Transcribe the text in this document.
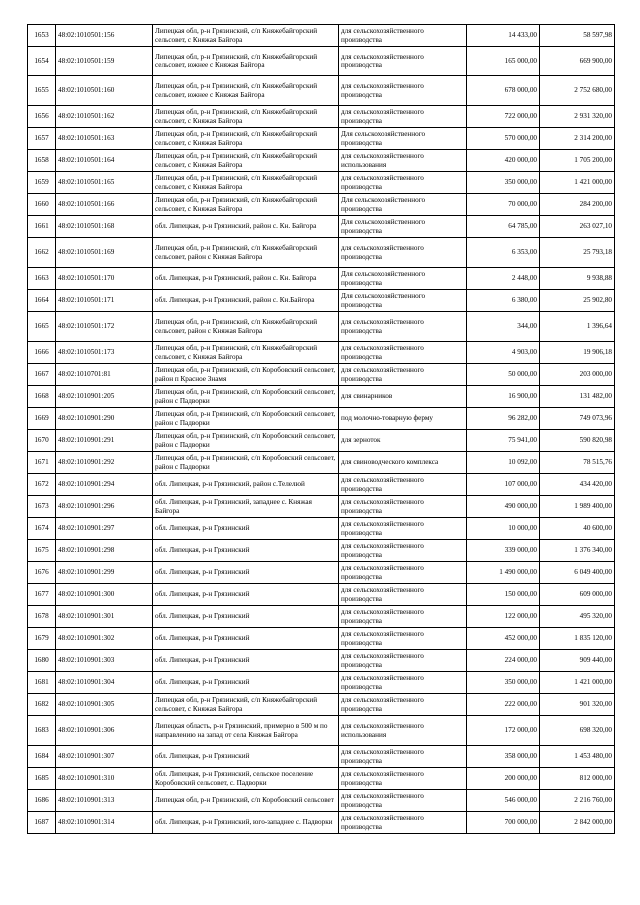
1653	48:02:1010501:156	Липецкая обл, р-н Грязинский, с/п Княжебайгорский сельсовет, с Княжая Байгора	для сельскохозяйственного производства	14 433,00	58 597,98
1654	48:02:1010501:159	Липецкая обл, р-н Грязинский, с/п Княжебайгорский сельсовет, южнее с Княжая Байгора	для сельскохозяйственного производства	165 000,00	669 900,00
1655	48:02:1010501:160	Липецкая обл, р-н Грязинский, с/п Княжебайгорский сельсовет, южнее с Княжая Байгора	для сельскохозяйственного производства	678 000,00	2 752 680,00
1656	48:02:1010501:162	Липецкая обл, р-н Грязинский, с/п Княжебайгорский сельсовет, с Княжая Байгора	для сельскохозяйственного производства	722 000,00	2 931 320,00
1657	48:02:1010501:163	Липецкая обл, р-н Грязинский, с/п Княжебайгорский сельсовет, с Княжая Байгора	Для сельскохозяйственного производства	570 000,00	2 314 200,00
1658	48:02:1010501:164	Липецкая обл, р-н Грязинский, с/п Княжебайгорский сельсовет, с Княжая Байгора	для сельскохозяйственного использования	420 000,00	1 705 200,00
1659	48:02:1010501:165	Липецкая обл, р-н Грязинский, с/п Княжебайгорский сельсовет, с Княжая Байгора	для сельскохозяйственного производства	350 000,00	1 421 000,00
1660	48:02:1010501:166	Липецкая обл, р-н Грязинский, с/п Княжебайгорский сельсовет, с Княжая Байгора	Для сельскохозяйственного производства	70 000,00	284 200,00
1661	48:02:1010501:168	обл. Липецкая, р-н Грязинский, район с. Кн. Байгора	Для сельскохозяйственного производства	64 785,00	263 027,10
1662	48:02:1010501:169	Липецкая обл, р-н Грязинский, с/п Княжебайгорский сельсовет, район с Княжая Байгора	для сельскохозяйственного производства	6 353,00	25 793,18
1663	48:02:1010501:170	обл. Липецкая, р-н Грязинский, район с. Кн. Байгора	Для сельскохозяйственного производства	2 448,00	9 938,88
1664	48:02:1010501:171	обл. Липецкая, р-н Грязинский, район с. Кн.Байгора	Для сельскохозяйственного производства	6 380,00	25 902,80
1665	48:02:1010501:172	Липецкая обл, р-н Грязинский, с/п Княжебайгорский сельсовет, район с Княжая Байгора	для сельскохозяйственного производства	344,00	1 396,64
1666	48:02:1010501:173	Липецкая обл, р-н Грязинский, с/п Княжебайгорский сельсовет, с Княжая Байгора	для сельскохозяйственного производства	4 903,00	19 906,18
1667	48:02:1010701:81	Липецкая обл, р-н Грязинский, с/п Коробовский сельсовет, район п Красное Знамя	для сельскохозяйственного производства	50 000,00	203 000,00
1668	48:02:1010901:205	Липецкая обл, р-н Грязинский, с/п Коробовский сельсовет, район с Падворки	для свинарников	16 900,00	131 482,00
1669	48:02:1010901:290	Липецкая обл, р-н Грязинский, с/п Коробовский сельсовет, район с Падворки	под молочно-товарную ферму	96 282,00	749 073,96
1670	48:02:1010901:291	Липецкая обл, р-н Грязинский, с/п Коробовский сельсовет, район с Падворки	для зерноток	75 941,00	590 820,98
1671	48:02:1010901:292	Липецкая обл, р-н Грязинский, с/п Коробовский сельсовет, район с Падворки	для свиноводческого комплекса	10 092,00	78 515,76
1672	48:02:1010901:294	обл. Липецкая, р-н Грязинский, район с.Телелюй	для сельскохозяйственного производства	107 000,00	434 420,00
1673	48:02:1010901:296	обл. Липецкая, р-н Грязинский, западнее с. Княжая Байгора	для сельскохозяйственного производства	490 000,00	1 989 400,00
1674	48:02:1010901:297	обл. Липецкая, р-н Грязинский	для сельскохозяйственного производства	10 000,00	40 600,00
1675	48:02:1010901:298	обл. Липецкая, р-н Грязинский	для сельскохозяйственного производства	339 000,00	1 376 340,00
1676	48:02:1010901:299	обл. Липецкая, р-н Грязинский	для сельскохозяйственного производства	1 490 000,00	6 049 400,00
1677	48:02:1010901:300	обл. Липецкая, р-н Грязинский	для сельскохозяйственного производства	150 000,00	609 000,00
1678	48:02:1010901:301	обл. Липецкая, р-н Грязинский	для сельскохозяйственного производства	122 000,00	495 320,00
1679	48:02:1010901:302	обл. Липецкая, р-н Грязинский	для сельскохозяйственного производства	452 000,00	1 835 120,00
1680	48:02:1010901:303	обл. Липецкая, р-н Грязинский	для сельскохозяйственного производства	224 000,00	909 440,00
1681	48:02:1010901:304	обл. Липецкая, р-н Грязинский	для сельскохозяйственного производства	350 000,00	1 421 000,00
1682	48:02:1010901:305	Липецкая обл, р-н Грязинский, с/п Княжебайгорский сельсовет, с Княжая Байгора	для сельскохозяйственного производства	222 000,00	901 320,00
1683	48:02:1010901:306	Липецкая область, р-н Грязинский, примерно в 500 м по направлению на запад от села Княжая Байгора	для сельскохозяйственного использования	172 000,00	698 320,00
1684	48:02:1010901:307	обл. Липецкая, р-н Грязинский	для сельскохозяйственного производства	358 000,00	1 453 480,00
1685	48:02:1010901:310	обл. Липецкая, р-н Грязинский, сельское поселение Коробовский сельсовет, с. Падворки	для сельскохозяйственного производства	200 000,00	812 000,00
1686	48:02:1010901:313	Липецкая обл, р-н Грязинский, с/п Коробовский сельсовет	для сельскохозяйственного производства	546 000,00	2 216 760,00
1687	48:02:1010901:314	обл. Липецкая, р-н Грязинский, юго-западнее с. Падворки	для сельскохозяйственного производства	700 000,00	2 842 000,00
